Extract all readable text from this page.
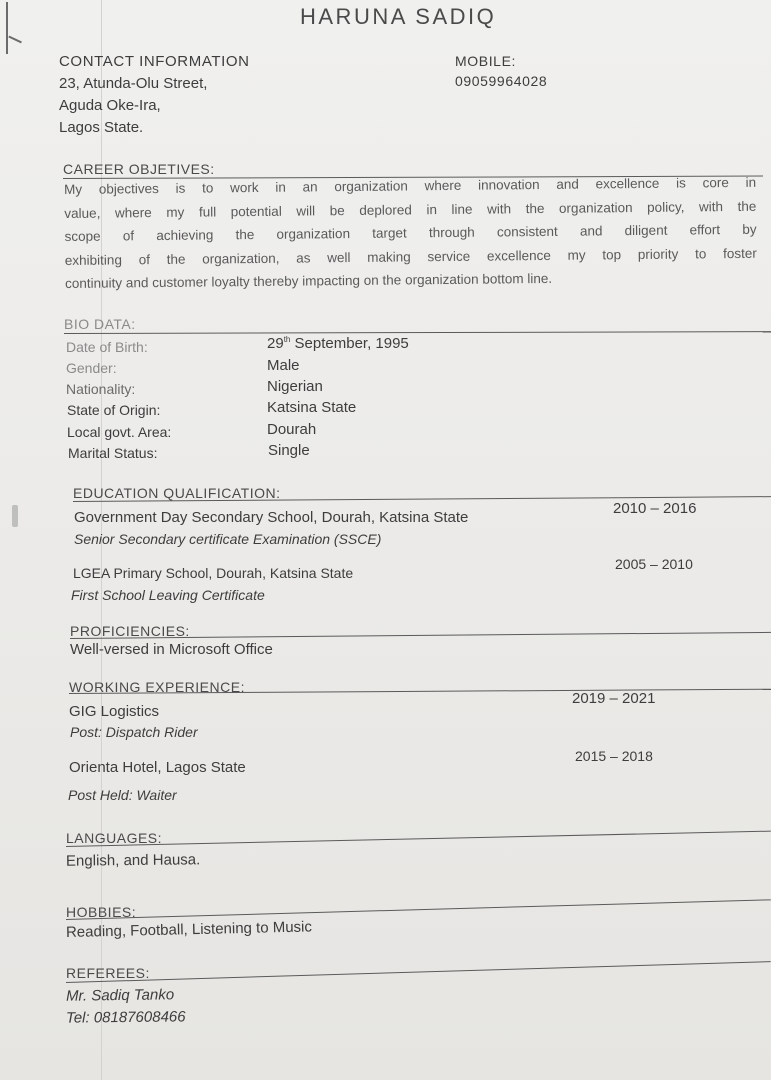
HARUNA SADIQ
CONTACT INFORMATION
23, Atunda-Olu Street,
Aguda Oke-Ira,
Lagos State.
MOBILE:
09059964028
CAREER OBJETIVES:
My objectives is to work in an organization where innovation and excellence is core in
value, where my full potential will be deplored in line with the organization policy, with the
scope of achieving the organization target through consistent and diligent effort by
exhibiting of the organization, as well making service excellence my top priority to foster
continuity and customer loyalty thereby impacting on the organization bottom line.
BIO DATA:
Date of Birth:	29th September, 1995
Gender:	Male
Nationality:	Nigerian
State of Origin:	Katsina State
Local govt. Area:	Dourah
Marital Status:	Single
EDUCATION QUALIFICATION:
Government Day Secondary School, Dourah, Katsina State
Senior Secondary certificate Examination (SSCE)
2010 – 2016
LGEA Primary School, Dourah, Katsina State
First School Leaving Certificate
2005 – 2010
PROFICIENCIES:
Well-versed in Microsoft Office
WORKING EXPERIENCE:
GIG Logistics
Post: Dispatch Rider
2019 – 2021
Orienta Hotel, Lagos State
Post Held: Waiter
2015 – 2018
LANGUAGES:
English, and Hausa.
HOBBIES:
Reading, Football, Listening to Music
REFEREES:
Mr. Sadiq Tanko
Tel: 08187608466
